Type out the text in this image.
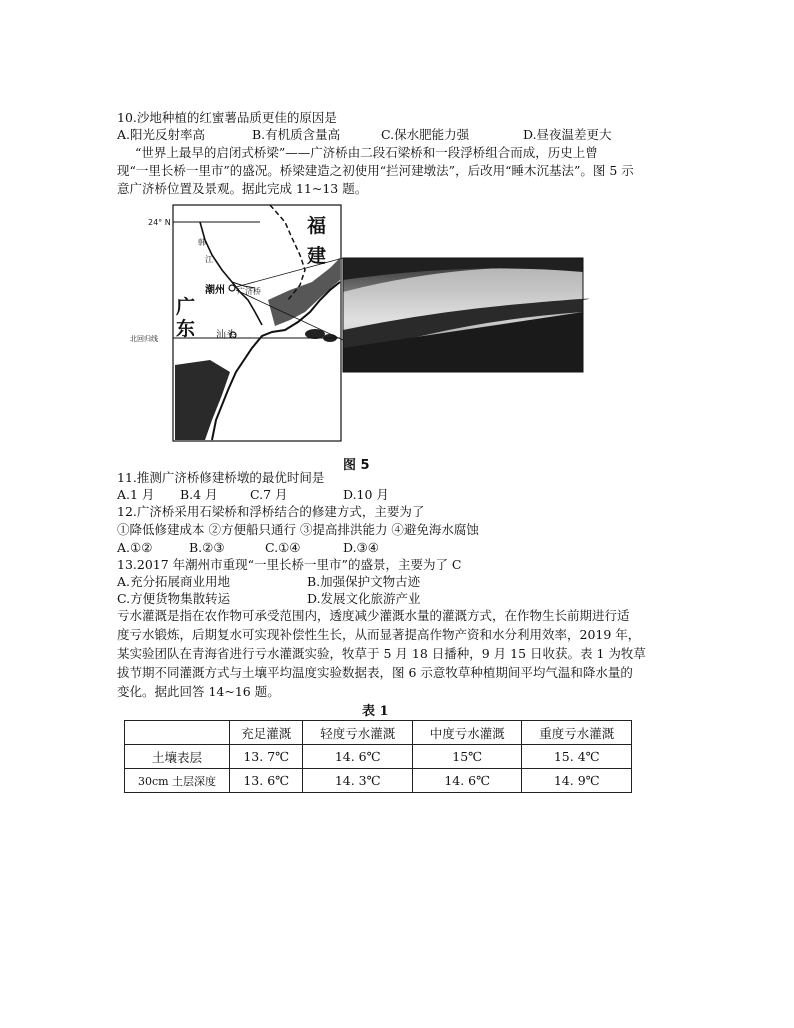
10.沙地种植的红蜜薯品质更佳的原因是
A.阳光反射率高	B.有机质含量高	C.保水肥能力强	D.昼夜温差更大
“世界上最早的启闭式桥梁”——广济桥由二段石梁桥和一段浮桥组合而成，历史上曾
现“一里长桥一里市”的盛况。桥梁建造之初使用“拦河建墩法”，后改用“睡木沉基法”。图 5 示
意广济桥位置及景观。据此完成 11~13 题。
24° N	福
建
广
东
韩
江
潮州 广济桥
汕头
北回归线
图 5
11.推测广济桥修建桥墩的最优时间是
A.1 月 B.4 月	C.7 月	D.10 月
12.广济桥采用石梁桥和浮桥结合的修建方式，主要为了
①降低修建成本 ②方便船只通行 ③提高排洪能力 ④避免海水腐蚀
A.①②	B.②③	C.①④	D.③④
13.2017 年潮州市重现“一里长桥一里市”的盛景，主要为了 C
A.充分拓展商业用地	B.加强保护文物古迹
C.方便货物集散转运	D.发展文化旅游产业
亏水灌溉是指在农作物可承受范围内，透度减少灌溉水量的灌溉方式，在作物生长前期进行适
度亏水锻炼，后期复水可实现补偿性生长，从而显著提高作物产资和水分利用效率，2019 年，
某实验团队在青海省进行亏水灌溉实验，牧草于 5 月 18 日播种，9 月 15 日收获。表 1 为牧草
拔节期不同灌溉方式与土壤平均温度实验数据表，图 6 示意牧草种植期间平均气温和降水量的
变化。据此回答 14~16 题。
表 1
	充足灌溉	轻度亏水灌溉	中度亏水灌溉	重度亏水灌溉
土壤表层	13. 7℃	14. 6℃	15℃	15. 4℃
30cm 土层深度	13. 6℃	14. 3℃	14. 6℃	14. 9℃
